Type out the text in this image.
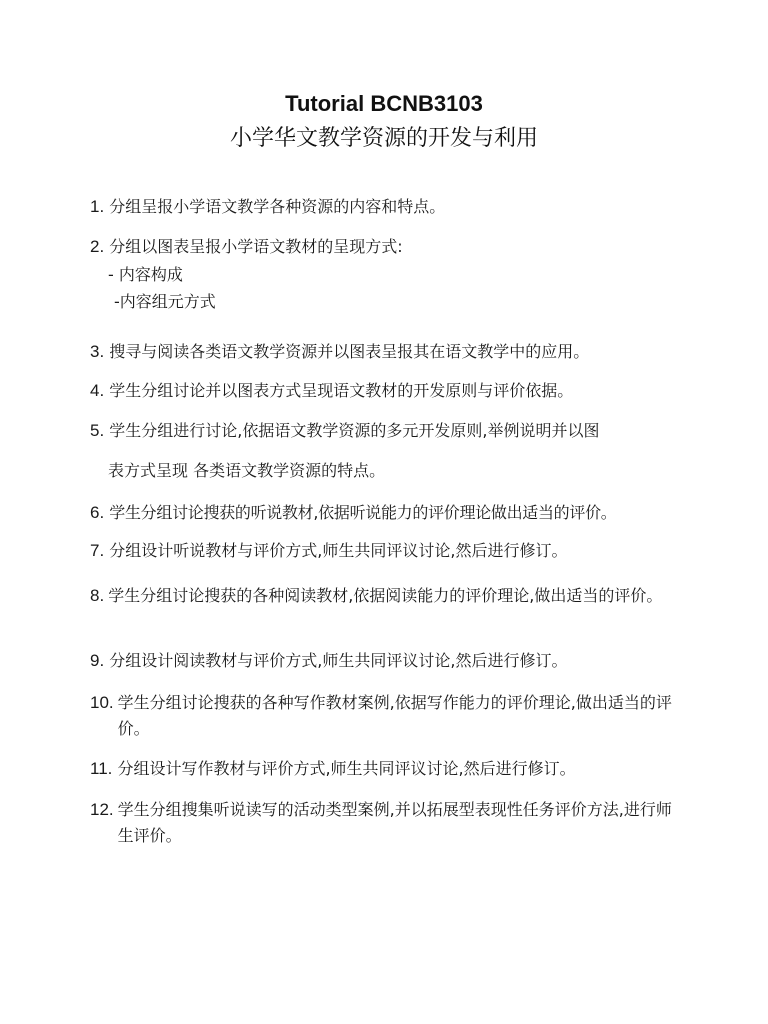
Tutorial BCNB3103
小学华文教学资源的开发与利用
1. 分组呈报小学语文教学各种资源的内容和特点。
2. 分组以图表呈报小学语文教材的呈现方式:
- 内容构成
-内容组元方式
3. 搜寻与阅读各类语文教学资源并以图表呈报其在语文教学中的应用。
4. 学生分组讨论并以图表方式呈现语文教材的开发原则与评价依据。
5. 学生分组进行讨论,依据语文教学资源的多元开发原则,举例说明并以图
表方式呈现 各类语文教学资源的特点。
6. 学生分组讨论搜获的听说教材,依据听说能力的评价理论做出适当的评价。
7. 分组设计听说教材与评价方式,师生共同评议讨论,然后进行修订。
8. 学生分组讨论搜获的各种阅读教材,依据阅读能力的评价理论,做出适当的评价。
9. 分组设计阅读教材与评价方式,师生共同评议讨论,然后进行修订。
10. 学生分组讨论搜获的各种写作教材案例,依据写作能力的评价理论,做出适当的评价。
11. 分组设计写作教材与评价方式,师生共同评议讨论,然后进行修订。
12. 学生分组搜集听说读写的活动类型案例,并以拓展型表现性任务评价方法,进行师生评价。
